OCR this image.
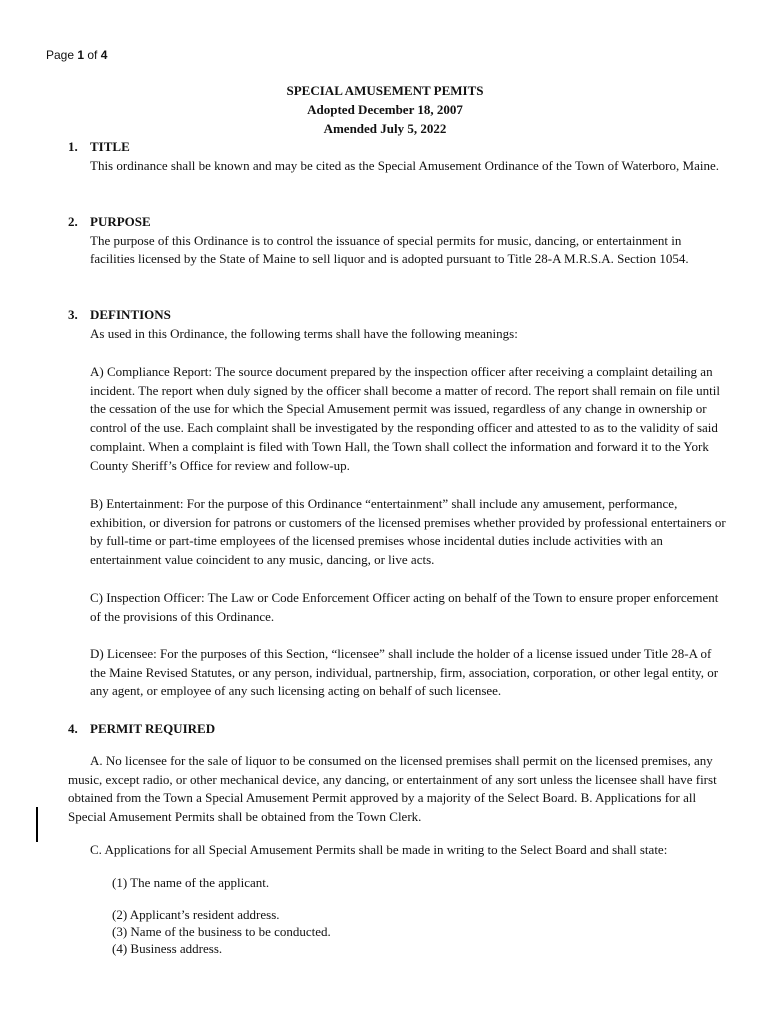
Page 1 of 4
SPECIAL AMUSEMENT PEMITS
Adopted December 18, 2007
Amended July 5, 2022
1. TITLE

This ordinance shall be known and may be cited as the Special Amusement Ordinance of the Town of Waterboro, Maine.

2. PURPOSE

The purpose of this Ordinance is to control the issuance of special permits for music, dancing, or entertainment in facilities licensed by the State of Maine to sell liquor and is adopted pursuant to Title 28-A M.R.S.A. Section 1054.

3. DEFINTIONS

As used in this Ordinance, the following terms shall have the following meanings:

A) Compliance Report: The source document prepared by the inspection officer after receiving a complaint detailing an incident. The report when duly signed by the officer shall become a matter of record. The report shall remain on file until the cessation of the use for which the Special Amusement permit was issued, regardless of any change in ownership or control of the use. Each complaint shall be investigated by the responding officer and attested to as to the validity of said complaint. When a complaint is filed with Town Hall, the Town shall collect the information and forward it to the York County Sheriff’s Office for review and follow-up.
B) Entertainment: For the purpose of this Ordinance “entertainment” shall include any amusement, performance, exhibition, or diversion for patrons or customers of the licensed premises whether provided by professional entertainers or by full-time or part-time employees of the licensed premises whose incidental duties include activities with an entertainment value coincident to any music, dancing, or live acts.
C) Inspection Officer: The Law or Code Enforcement Officer acting on behalf of the Town to ensure proper enforcement of the provisions of this Ordinance.
D) Licensee: For the purposes of this Section, “licensee” shall include the holder of a license issued under Title 28-A of the Maine Revised Statutes, or any person, individual, partnership, firm, association, corporation, or other legal entity, or any agent, or employee of any such licensing acting on behalf of such licensee.
4. PERMIT REQUIRED
A. No licensee for the sale of liquor to be consumed on the licensed premises shall permit on the licensed premises, any music, except radio, or other mechanical device, any dancing, or entertainment of any sort unless the licensee shall have first obtained from the Town a Special Amusement Permit approved by a majority of the Select Board. B. Applications for all Special Amusement Permits shall be obtained from the Town Clerk.
C. Applications for all Special Amusement Permits shall be made in writing to the Select Board and shall state:
(1) The name of the applicant.
(2) Applicant’s resident address.
(3) Name of the business to be conducted.
(4) Business address.
